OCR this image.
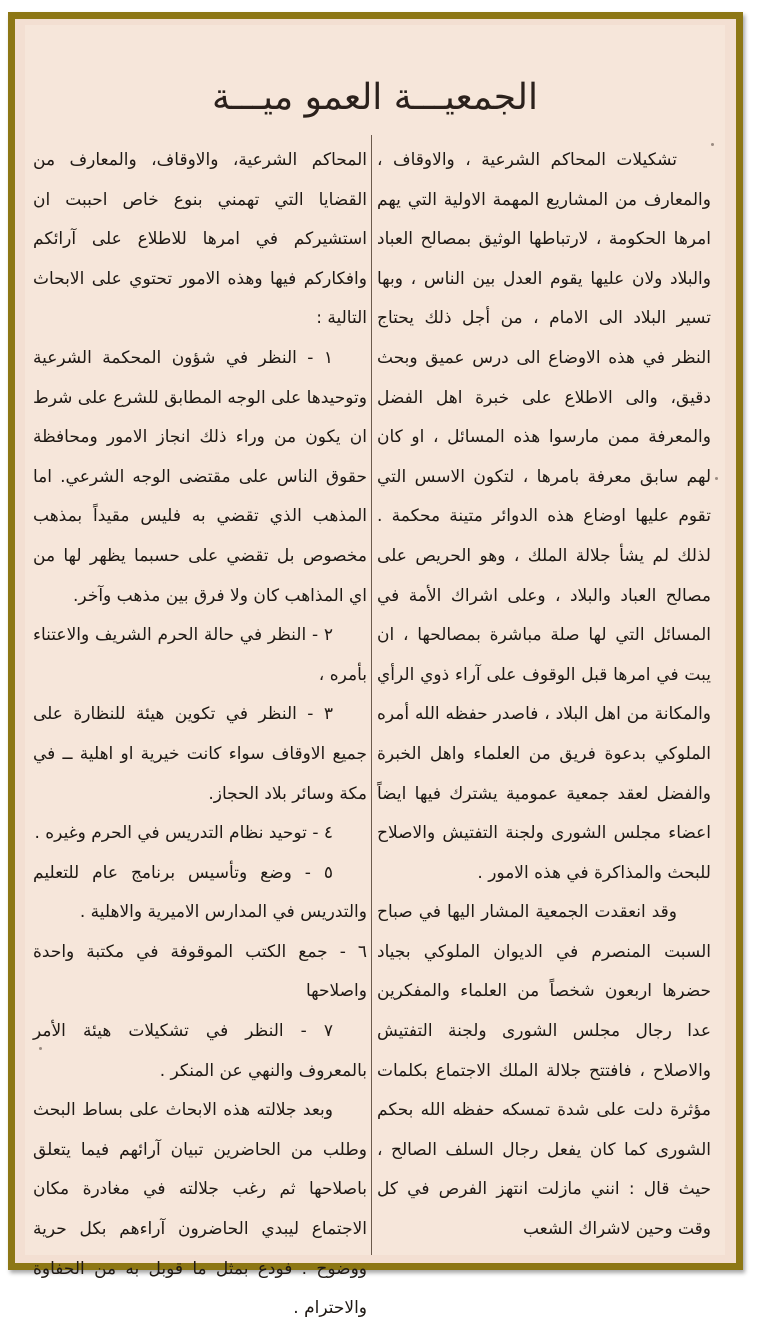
الجمعيـــة العمو ميـــة

تشكيلات المحاكم الشرعية ، والاوقاف ، والمعارف من المشاريع المهمة الاولية التي يهم امرها الحكومة ، لارتباطها الوثيق بمصالح العباد والبلاد ولان عليها يقوم العدل بين الناس ، وبها تسير البلاد الى الامام ، من أجل ذلك يحتاج النظر في هذه الاوضاع الى درس عميق وبحث دقيق، والى الاطلاع على خبرة اهل الفضل والمعرفة ممن مارسوا هذه المسائل ، او كان لهم سابق معرفة بامرها ، لتكون الاسس التي تقوم عليها اوضاع هذه الدوائر متينة محكمة . لذلك لم يشأ جلالة الملك ، وهو الحريص على مصالح العباد والبلاد ، وعلى اشراك الأمة في المسائل التي لها صلة مباشرة بمصالحها ، ان يبت في امرها قبل الوقوف على آراء ذوي الرأي والمكانة من اهل البلاد ، فاصدر حفظه الله أمره الملوكي بدعوة فريق من العلماء واهل الخبرة والفضل لعقد جمعية عمومية يشترك فيها ايضاً اعضاء مجلس الشورى ولجنة التفتيش والاصلاح للبحث والمذاكرة في هذه الامور .

وقد انعقدت الجمعية المشار اليها في صباح السبت المنصرم في الديوان الملوكي بجياد حضرها اربعون شخصاً من العلماء والمفكرين عدا رجال مجلس الشورى ولجنة التفتيش والاصلاح ، فافتتح جلالة الملك الاجتماع بكلمات مؤثرة دلت على شدة تمسكه حفظه الله بحكم الشورى كما كان يفعل رجال السلف الصالح ، حيث قال : انني مازلت انتهز الفرص في كل وقت وحين لاشراك الشعب

المحاكم الشرعية، والاوقاف، والمعارف من القضايا التي تهمني بنوع خاص احببت ان استشيركم في امرها للاطلاع على آرائكم وافكاركم فيها وهذه الامور تحتوي على الابحاث التالية :

١ - النظر في شؤون المحكمة الشرعية وتوحيدها على الوجه المطابق للشرع على شرط ان يكون من وراء ذلك انجاز الامور ومحافظة حقوق الناس على مقتضى الوجه الشرعي. اما المذهب الذي تقضي به فليس مقيداً بمذهب مخصوص بل تقضي على حسبما يظهر لها من اي المذاهب كان ولا فرق بين مذهب وآخر.

٢ - النظر في حالة الحرم الشريف والاعتناء بأمره ،

٣ - النظر في تكوين هيئة للنظارة على جميع الاوقاف سواء كانت خيرية او اهلية ــ في مكة وسائر بلاد الحجاز.

٤ - توحيد نظام التدريس في الحرم وغيره .

٥ - وضع وتأسيس برنامج عام للتعليم والتدريس في المدارس الاميرية والاهلية .

٦ - جمع الكتب الموقوفة في مكتبة واحدة واصلاحها

٧ - النظر في تشكيلات هيئة الأمر بالمعروف والنهي عن المنكر .

وبعد جلالته هذه الابحاث على بساط البحث وطلب من الحاضرين تبيان آرائهم فيما يتعلق باصلاحها ثم رغب جلالته في مغادرة مكان الاجتماع ليبدي الحاضرون آراءهم بكل حرية ووضوح . فودع بمثل ما قوبل به من الحفاوة والاحترام .
